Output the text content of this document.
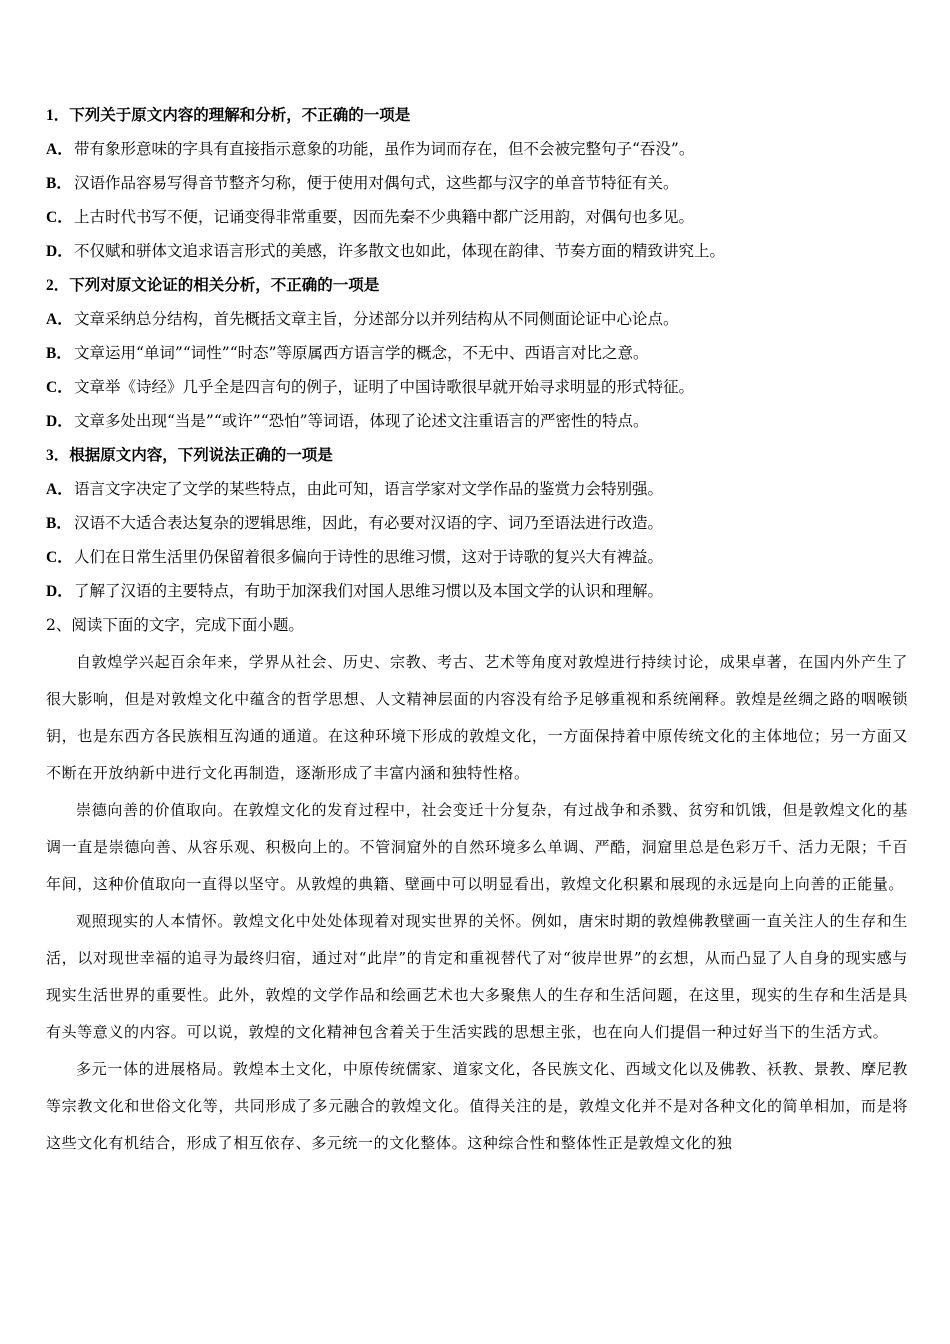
1．下列关于原文内容的理解和分析，不正确的一项是
A．带有象形意味的字具有直接指示意象的功能，虽作为词而存在，但不会被完整句子“吞没”。
B． 汉语作品容易写得音节整齐匀称，便于使用对偶句式，这些都与汉字的单音节特征有关。
C．上古时代书写不便，记诵变得非常重要，因而先秦不少典籍中都广泛用韵，对偶句也多见。
D．不仅赋和骈体文追求语言形式的美感，许多散文也如此，体现在韵律、节奏方面的精致讲究上。
2．下列对原文论证的相关分析，不正确的一项是
A．文章采纳总分结构，首先概括文章主旨，分述部分以并列结构从不同侧面论证中心论点。
B． 文章运用“单词”“词性”“时态”等原属西方语言学的概念，不无中、西语言对比之意。
C．文章举《诗经》几乎全是四言句的例子，证明了中国诗歌很早就开始寻求明显的形式特征。
D．文章多处出现“当是”“或许”“恐怕”等词语，体现了论述文注重语言的严密性的特点。
3．根据原文内容，下列说法正确的一项是
A．语言文字决定了文学的某些特点，由此可知，语言学家对文学作品的鉴赏力会特别强。
B． 汉语不大适合表达复杂的逻辑思维，因此，有必要对汉语的字、词乃至语法进行改造。
C．人们在日常生活里仍保留着很多偏向于诗性的思维习惯，这对于诗歌的复兴大有裨益。
D．了解了汉语的主要特点，有助于加深我们对国人思维习惯以及本国文学的认识和理解。
2、阅读下面的文字，完成下面小题。

自敦煌学兴起百余年来，学界从社会、历史、宗教、考古、艺术等角度对敦煌进行持续讨论，成果卓著，在国内外产生了很大影响，但是对敦煌文化中蕴含的哲学思想、人文精神层面的内容没有给予足够重视和系统阐释。敦煌是丝绸之路的咽喉锁钥，也是东西方各民族相互沟通的通道。在这种环境下形成的敦煌文化，一方面保持着中原传统文化的主体地位；另一方面又不断在开放纳新中进行文化再制造，逐渐形成了丰富内涵和独特性格。

崇德向善的价值取向。在敦煌文化的发育过程中，社会变迁十分复杂，有过战争和杀戮、贫穷和饥饿，但是敦煌文化的基调一直是崇德向善、从容乐观、积极向上的。不管洞窟外的自然环境多么单调、严酷，洞窟里总是色彩万千、活力无限；千百年间，这种价值取向一直得以坚守。从敦煌的典籍、壁画中可以明显看出，敦煌文化积累和展现的永远是向上向善的正能量。

观照现实的人本情怀。敦煌文化中处处体现着对现实世界的关怀。例如，唐宋时期的敦煌佛教壁画一直关注人的生存和生活，以对现世幸福的追寻为最终归宿，通过对“此岸”的肯定和重视替代了对“彼岸世界”的玄想，从而凸显了人自身的现实感与现实生活世界的重要性。此外，敦煌的文学作品和绘画艺术也大多聚焦人的生存和生活问题，在这里，现实的生存和生活是具有头等意义的内容。可以说，敦煌的文化精神包含着关于生活实践的思想主张，也在向人们提倡一种过好当下的生活方式。

多元一体的进展格局。敦煌本土文化，中原传统儒家、道家文化，各民族文化、西域文化以及佛教、袄教、景教、摩尼教等宗教文化和世俗文化等，共同形成了多元融合的敦煌文化。值得关注的是，敦煌文化并不是对各种文化的简单相加，而是将这些文化有机结合，形成了相互依存、多元统一的文化整体。这种综合性和整体性正是敦煌文化的独
